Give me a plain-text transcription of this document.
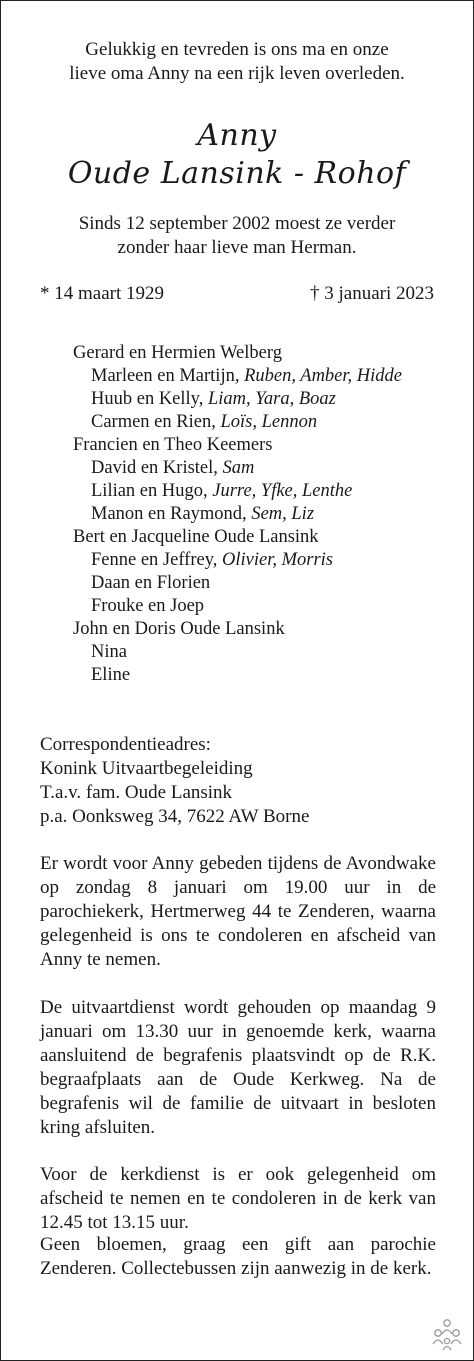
Gelukkig en tevreden is ons ma en onze
lieve oma Anny na een rijk leven overleden.
Anny
Oude Lansink - Rohof
Sinds 12 september 2002 moest ze verder
zonder haar lieve man Herman.
* 14 maart 1929	† 3 januari 2023
Gerard en Hermien Welberg
Marleen en Martijn, Ruben, Amber, Hidde
Huub en Kelly, Liam, Yara, Boaz
Carmen en Rien, Loïs, Lennon
Francien en Theo Keemers
David en Kristel, Sam
Lilian en Hugo, Jurre, Yfke, Lenthe
Manon en Raymond, Sem, Liz
Bert en Jacqueline Oude Lansink
Fenne en Jeffrey, Olivier, Morris
Daan en Florien
Frouke en Joep
John en Doris Oude Lansink
Nina
Eline
Correspondentieadres:
Konink Uitvaartbegeleiding
T.a.v. fam. Oude Lansink
p.a. Oonksweg 34, 7622 AW Borne
Er wordt voor Anny gebeden tijdens de Avondwake op zondag 8 januari om 19.00 uur in de parochiekerk, Hertmerweg 44 te Zenderen, waarna gelegenheid is ons te condoleren en afscheid van Anny te nemen.
De uitvaartdienst wordt gehouden op maandag 9 januari om 13.30 uur in genoemde kerk, waarna aansluitend de begrafenis plaatsvindt op de R.K. begraafplaats aan de Oude Kerkweg. Na de begrafenis wil de familie de uitvaart in besloten kring afsluiten.
Voor de kerkdienst is er ook gelegenheid om afscheid te nemen en te condoleren in de kerk van 12.45 tot 13.15 uur.
Geen bloemen, graag een gift aan parochie Zenderen. Collectebussen zijn aanwezig in de kerk.
